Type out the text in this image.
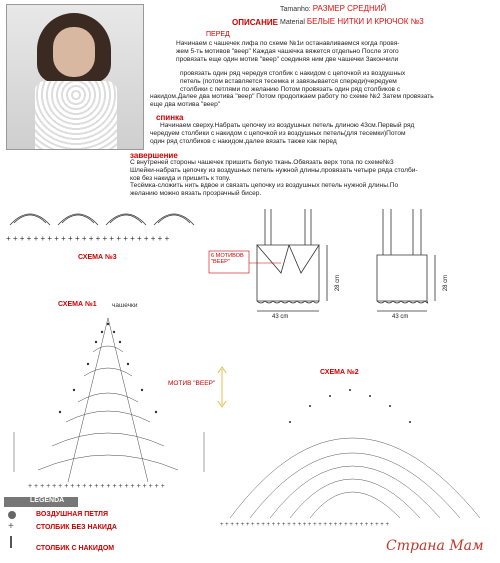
Tamanho: РАЗМЕР СРЕДНИЙ
Material БЕЛЫЕ НИТКИ И КРЮЧОК №3
ОПИСАНИЕ
ПЕРЕД
Начинаем с чашечек лифа по схеме №1и останавливаемся когда провя-
жем 5-ть мотивов "веер" Каждая чашечка вяжется отдельно После этого
провязать еще один мотив "веер" соединяя ним две чашечки Закончили
провязать один ряд чередуя столбик с накидом с цепочкой из воздушных
петель (потом вставляется тесемка и завязывается спереди)чередуем
столбики с петлями по желанию Потом провязать один ряд столбиков с
накидом.Далее два мотива "веер" Потом продолжаем работу по схеме №2 Затем провязать
еще два мотива "веер"
спинка
Начинаем сверху.Набрать цепочку из воздушных петель длиною 43см.Первый ряд
чередуем столбики с накидом с цепочкой из воздушных петель(для тесемки)Потом
один ряд столбиков с накидом.далее вязать также как перед
завершение
С внутреней стороны чашечек пришить белую ткань.Обвязать верх топа по схеме№3
Шлейки-набрать цепочку из воздушных петель нужной длины,провязать четыре ряда столби-
ков без накида и пришить к топу.
Тесёмка-сложить нить вдвое и связать цепочку из воздушных петель нужной длины.По
желанию можно вязать прозрачный бисер.
+ + + + + + + + + + + + + + + + + + + + + + + +
СХЕМА №3	6 МОТИВОВ "ВЕЕР"
43 cm
28 cm
43 cm
28 cm
СХЕМА №1 чашечки
+ + + + + + + + + + + + + + + + + + + + + + +
МОТИВ "ВЕЕР"
СХЕМА №2
+ + + + + + + + + + + + + + + + + + + + + + + + + + + + + + + + +
LEGENDA
ВОЗДУШНАЯ ПЕТЛЯ
+	СТОЛБИК БЕЗ НАКИДА
СТОЛБИК С НАКИДОМ	Страна Мам
